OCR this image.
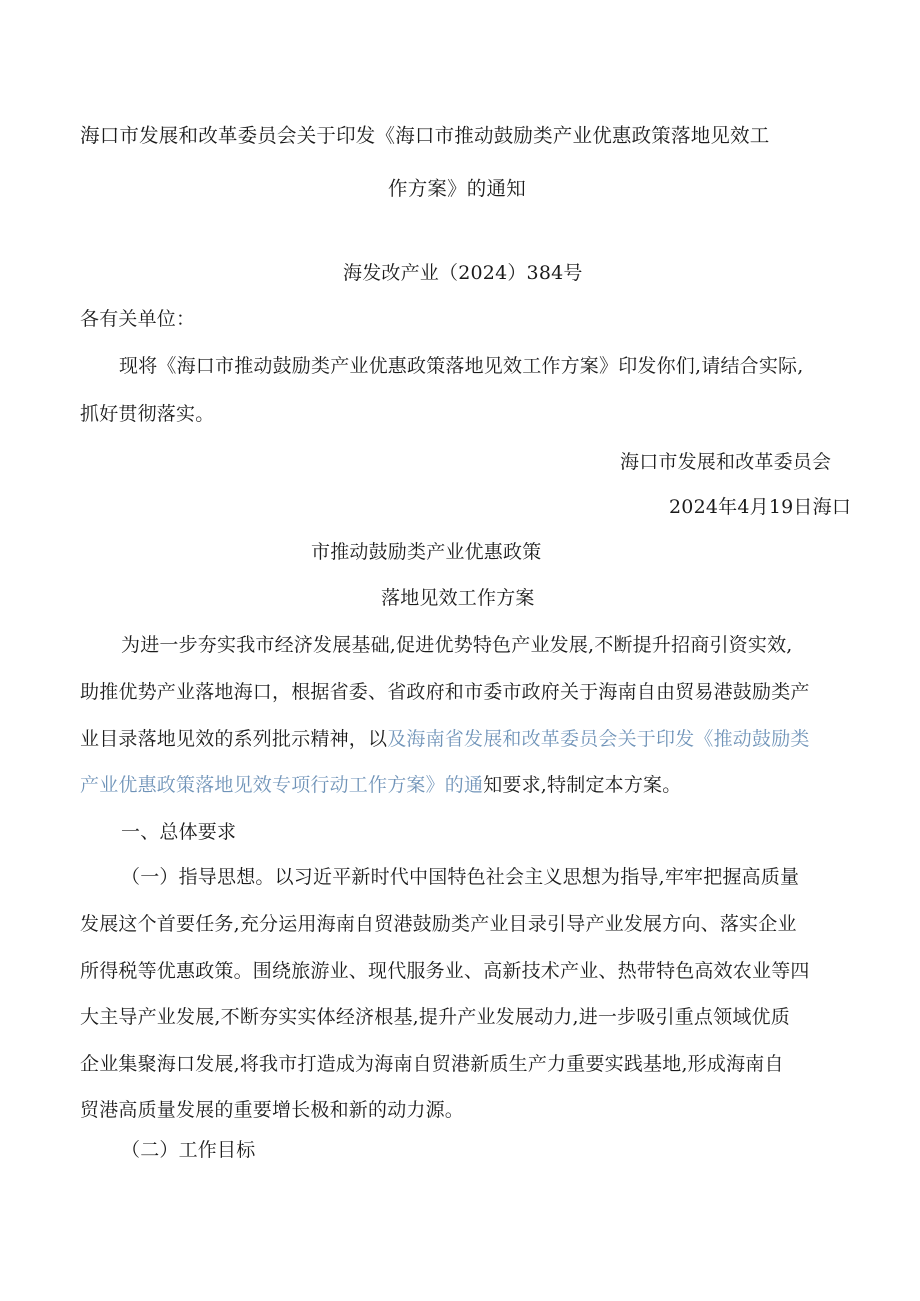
海口市发展和改革委员会关于印发《海口市推动鼓励类产业优惠政策落地见效工
作方案》的通知
海发改产业（2024）384号
各有关单位：
现将《海口市推动鼓励类产业优惠政策落地见效工作方案》印发你们,请结合实际,
抓好贯彻落实。
海口市发展和改革委员会
2024年4月19日海口
市推动鼓励类产业优惠政策
落地见效工作方案
为进一步夯实我市经济发展基础,促进优势特色产业发展,不断提升招商引资实效,
助推优势产业落地海口，根据省委、省政府和市委市政府关于海南自由贸易港鼓励类产
业目录落地见效的系列批示精神，以及海南省发展和改革委员会关于印发《推动鼓励类
产业优惠政策落地见效专项行动工作方案》的通知要求,特制定本方案。
一、总体要求
（一）指导思想。以习近平新时代中国特色社会主义思想为指导,牢牢把握高质量
发展这个首要任务,充分运用海南自贸港鼓励类产业目录引导产业发展方向、落实企业
所得税等优惠政策。围绕旅游业、现代服务业、高新技术产业、热带特色高效农业等四
大主导产业发展,不断夯实实体经济根基,提升产业发展动力,进一步吸引重点领域优质
企业集聚海口发展,将我市打造成为海南自贸港新质生产力重要实践基地,形成海南自
贸港高质量发展的重要增长极和新的动力源。
（二）工作目标
